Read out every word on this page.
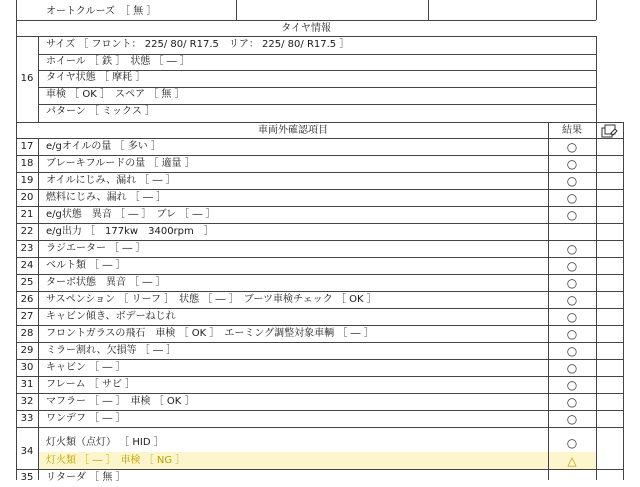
オートクルーズ　［ 無 ］
タイヤ情報
16
サイズ ［ フロント： 225/ 80/ R17.5　リア： 225/ 80/ R17.5 ］
ホイール ［ 鉄 ］　状態 ［ ― ］
タイヤ状態 ［ 摩耗 ］
車検 ［ OK ］　スペア ［ 無 ］
パターン ［ ミックス ］
車両外確認項目	結果
17	e/gオイルの量 ［ 多い ］	○
18	ブレーキフルードの量 ［ 適量 ］	○
19	オイルにじみ、漏れ ［ ― ］	○
20	燃料にじみ、漏れ ［ ― ］	○
21	e/g状態　異音 ［ ― ］　ブレ ［ ― ］	○
22	e/g出力 ［　177kw　3400rpm　］
23	ラジエーター ［ ― ］	○
24	ベルト類 ［ ― ］	○
25	ターボ状態　異音 ［ ― ］	○
26	サスペンション ［ リーフ ］　状態 ［ ― ］　ブーツ車検チェック ［ OK ］	○
27	キャビン傾き、ボデーねじれ	○
28	フロントガラスの飛石　車検 ［ OK ］　エーミング調整対象車輌 ［ ― ］	○
29	ミラー割れ、欠損等 ［ ― ］	○
30	キャビン ［ ― ］	○
31	フレーム ［ サビ ］	○
32	マフラー ［ ― ］　車検 ［ OK ］	○
33	ワンデフ ［ ― ］	○
34
灯火類（点灯） ［ HID ］	○
灯火類 ［ ― ］　車検 ［ NG ］	△
35	リターダ ［ 無 ］
